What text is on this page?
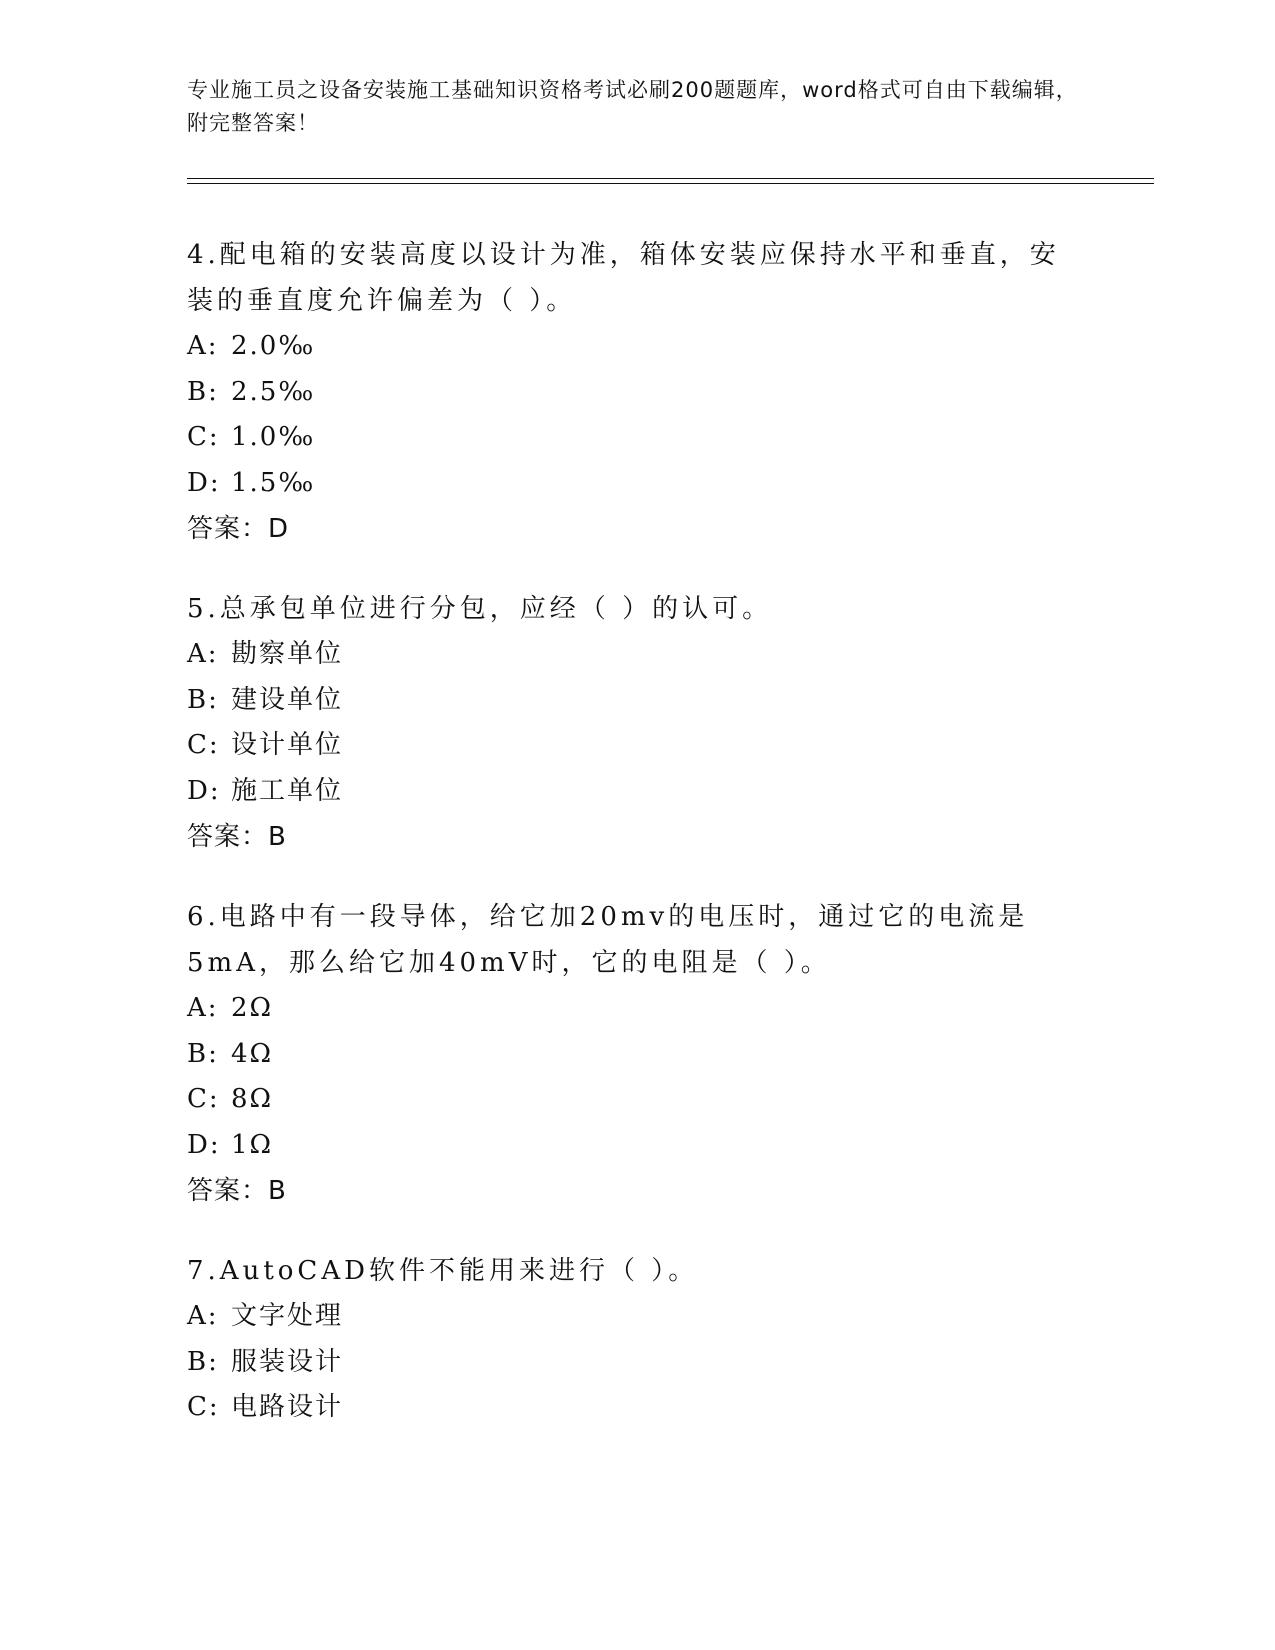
专业施工员之设备安装施工基础知识资格考试必刷200题题库，word格式可自由下载编辑，附完整答案！
4.配电箱的安装高度以设计为准，箱体安装应保持水平和垂直，安装的垂直度允许偏差为（ ）。
A: 2.0‰
B: 2.5‰
C: 1.0‰
D: 1.5‰
答案：D
5.总承包单位进行分包，应经（ ）的认可。
A: 勘察单位
B: 建设单位
C: 设计单位
D: 施工单位
答案：B
6.电路中有一段导体，给它加20mv的电压时，通过它的电流是5mA，那么给它加40mV时，它的电阻是（ ）。
A: 2Ω
B: 4Ω
C: 8Ω
D: 1Ω
答案：B
7.AutoCAD软件不能用来进行（ ）。
A: 文字处理
B: 服装设计
C: 电路设计
